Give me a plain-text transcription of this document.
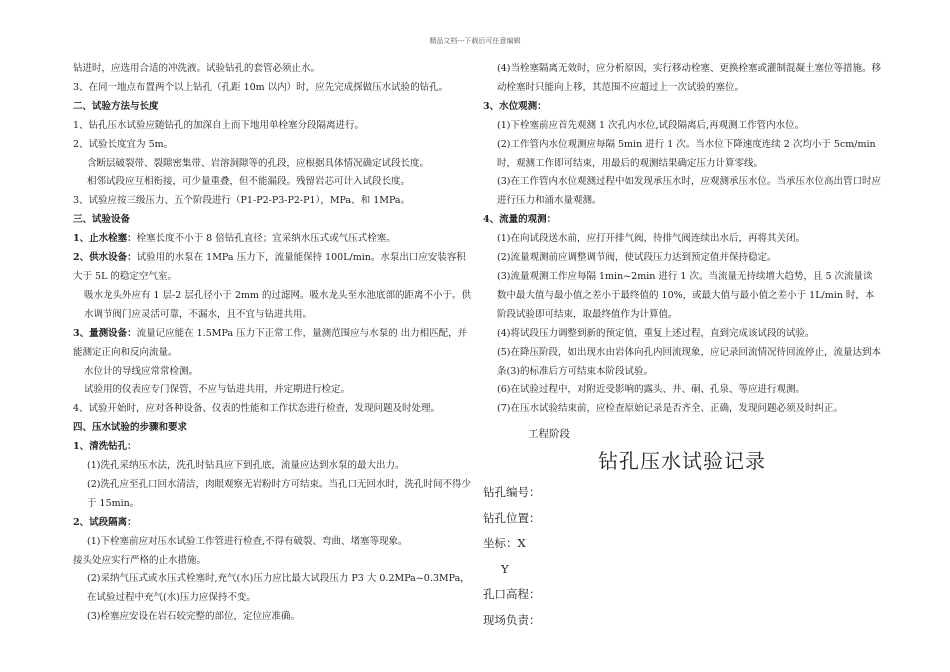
精品文档---下载后可任意编辑

钻进时，应选用合适的冲洗液。试验钻孔的套管必须止水。

3、在同一地点布置两个以上钻孔（孔距 10m 以内）时，应先完成探做压水试验的钻孔。

二、试验方法与长度

1、钻孔压水试验应随钻孔的加深自上而下地用单栓塞分段隔离进行。

2、试验长度宜为 5m。

含断层破裂带、裂隙密集带、岩溶洞隙等的孔段，应根据具体情况确定试段长度。

相邻试段应互相衔接，可少量重叠，但不能漏段。残留岩芯可计入试段长度。

3、试验应按三级压力、五个阶段进行（P1-P2-P3-P2-P1），MPa、和 1MPa。

三、试验设备

1、止水栓塞：栓塞长度不小于 8 倍钻孔直径；宜采纳水压式或气压式栓塞。

2、供水设备：试验用的水泵在 1MPa 压力下，流量能保持 100L/min。水泵出口应安装容积大于 5L 的稳定空气室。

吸水龙头外应有 1 层-2 层孔径小于 2mm 的过滤网。吸水龙头至水池底部的距离不小于。供水调节阀门应灵活可靠，不漏水，且不宜与钻进共用。

3、量测设备：流量记应能在 1.5MPa 压力下正常工作，量测范围应与水泵的 出力相匹配，并能测定正向和反向流量。

水位计的导线应常常检测。

试验用的仪表应专门保管，不应与钻进共用，并定期进行检定。

4、试验开始时，应对各种设备、仪表的性能和工作状态进行检查，发现问题及时处理。

四、压水试验的步骤和要求

1、清洗钻孔：

(1)洗孔采纳压水法，洗孔时钻具应下到孔底，流量应达到水泵的最大出力。

(2)洗孔应至孔口回水清洁，肉眼观察无岩粉时方可结束。当孔口无回水时，洗孔时间不得少于 15min。

2、试段隔离：

(1)下栓塞前应对压水试验工作管进行检查,不得有破裂、弯曲、堵塞等现象。

接头处应实行严格的止水措施。

(2)采纳气压式或水压式栓塞时,充气(水)压力应比最大试段压力 P3 大 0.2MPa~0.3MPa，在试验过程中充气(水)压力应保持不变。

(3)栓塞应安设在岩石较完整的部位，定位应准确。

(4)当栓塞隔离无效时，应分析原因，实行移动栓塞、更换栓塞或灌制混凝土塞位等措施。移动栓塞时只能向上移，其范围不应超过上一次试验的塞位。

3、水位观测：

(1)下栓塞前应首先观测 1 次孔内水位,试段隔离后,再观测工作管内水位。

(2)工作管内水位观测应每隔 5min 进行 1 次。当水位下降速度连续 2 次均小于 5cm/min 时，观测工作即可结束，用最后的观测结果确定压力计算零线。

(3)在工作管内水位观测过程中如发现承压水时，应观测承压水位。当承压水位高出管口时应进行压力和涌水量观测。

4、流量的观测：

(1)在向试段送水前，应打开排气阀，待排气阀连续出水后，再将其关闭。

(2)流量观测前应调整调节阀，使试段压力达到预定值并保持稳定。

(3)流量观测工作应每隔 1min~2min 进行 1 次。当流量无持续增大趋势，且 5 次流量读数中最大值与最小值之差小于最终值的 10%，或最大值与最小值之差小于 1L/min 时，本阶段试验即可结束，取最终值作为计算值。

(4)将试段压力调整到新的预定值，重复上述过程，直到完成该试段的试验。

(5)在降压阶段，如出现水由岩体向孔内回流现象，应记录回流情况待回流停止，流量达到本条(3)的标准后方可结束本阶段试验。

(6)在试验过程中，对附近受影响的露头、井、硐、孔泉、等应进行观测。

(7)在压水试验结束前，应检查原始记录是否齐全、正确，发现问题必须及时纠正。

工程阶段

钻孔压水试验记录

钻孔编号：

钻孔位置：

坐标：X

Y

孔口高程：

现场负责：
